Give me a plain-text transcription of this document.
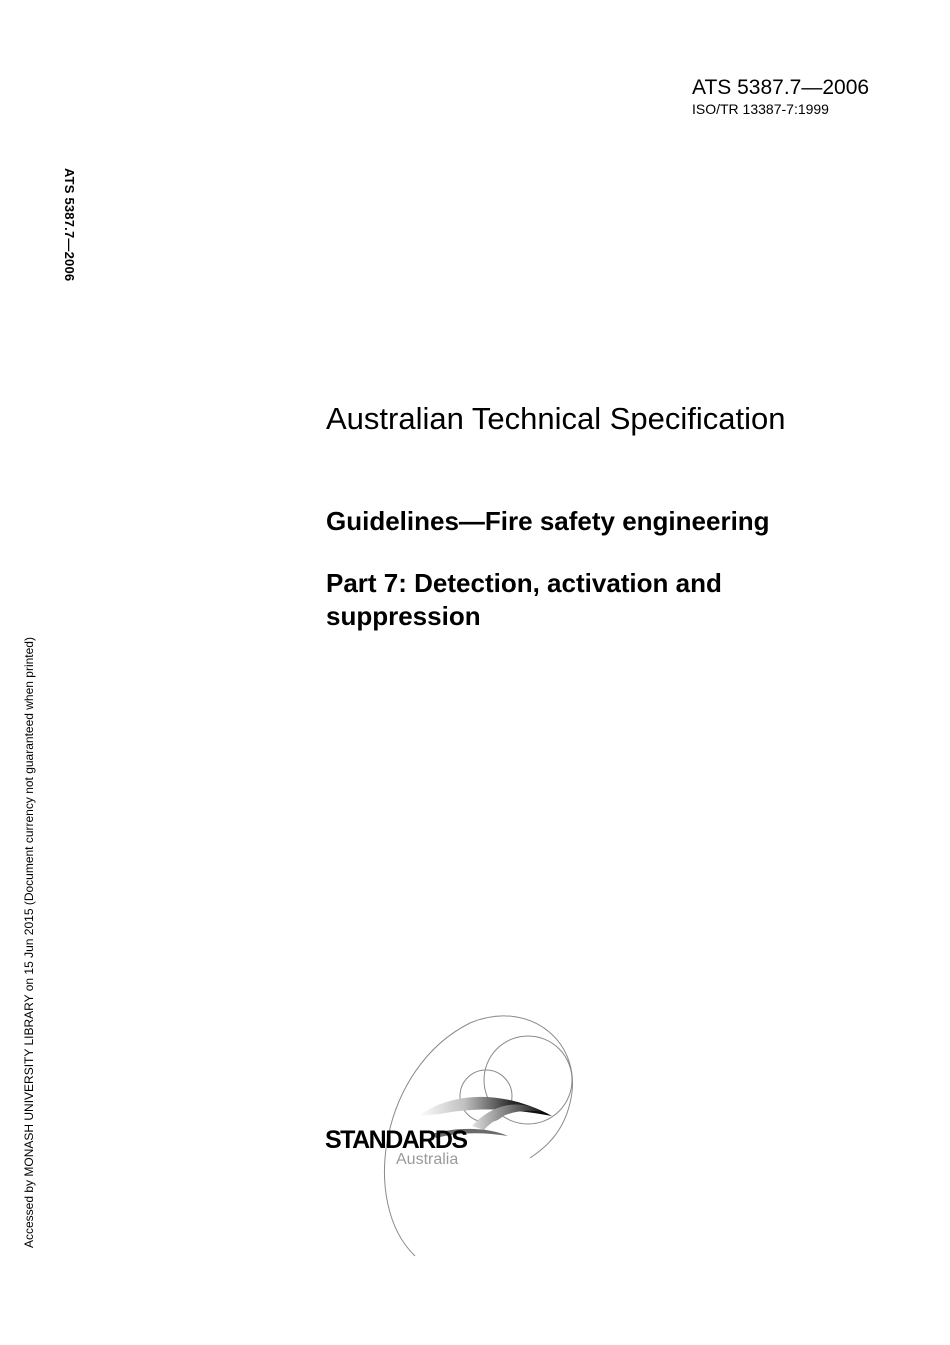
ATS 5387.7—2006
ISO/TR 13387-7:1999
ATS 5387.7—2006
Accessed by MONASH UNIVERSITY LIBRARY on 15 Jun 2015 (Document currency not guaranteed when printed)
Australian Technical Specification
Guidelines—Fire safety engineering
Part 7: Detection, activation and suppression
STANDARDS
Australia
